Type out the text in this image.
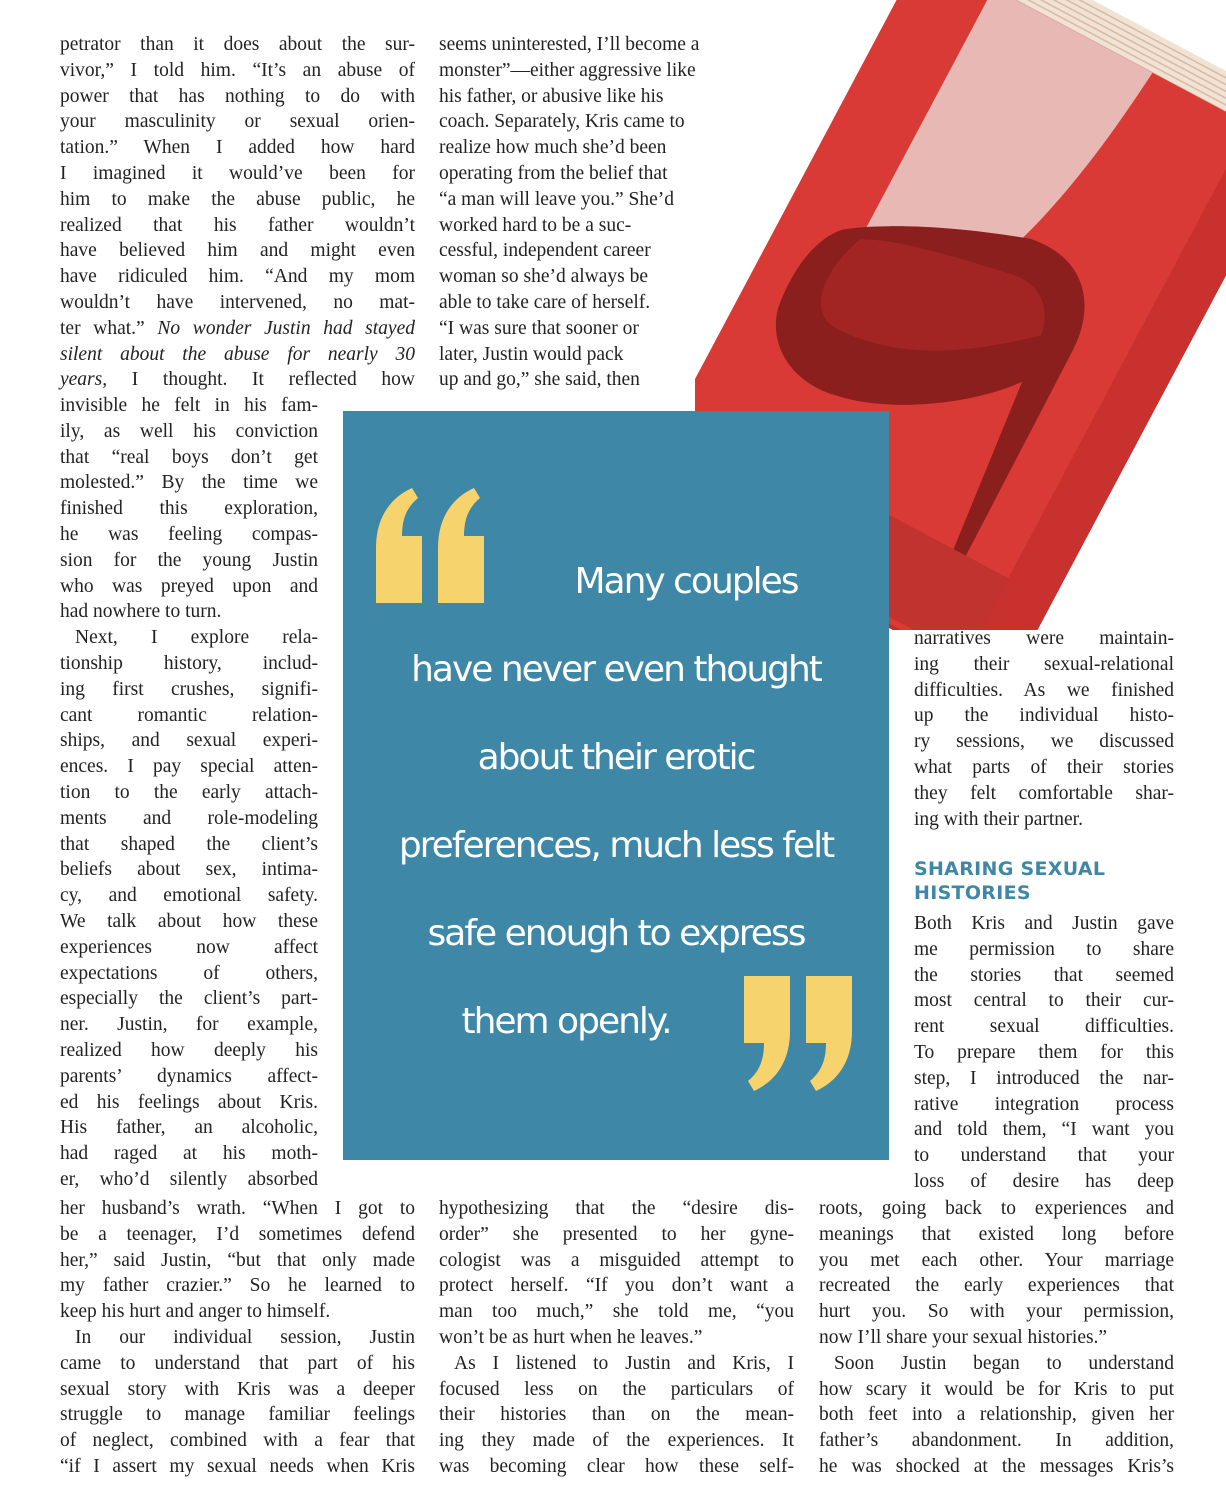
petrator than it does about the sur-
vivor,” I told him. “It’s an abuse of
power that has nothing to do with
your masculinity or sexual orien-
tation.” When I added how hard
I imagined it would’ve been for
him to make the abuse public, he
realized that his father wouldn’t
have believed him and might even
have ridiculed him. “And my mom
wouldn’t have intervened, no mat-
ter what.” No wonder Justin had stayed
silent about the abuse for nearly 30
years, I thought. It reflected how
invisible he felt in his fam-
ily, as well his conviction
that “real boys don’t get
molested.” By the time we
finished this exploration,
he was feeling compas-
sion for the young Justin
who was preyed upon and
had nowhere to turn.
Next, I explore rela-
tionship history, includ-
ing first crushes, signifi-
cant romantic relation-
ships, and sexual experi-
ences. I pay special atten-
tion to the early attach-
ments and role-modeling
that shaped the client’s
beliefs about sex, intima-
cy, and emotional safety.
We talk about how these
experiences now affect
expectations of others,
especially the client’s part-
ner. Justin, for example,
realized how deeply his
parents’ dynamics affect-
ed his feelings about Kris.
His father, an alcoholic,
had raged at his moth-
er, who’d silently absorbed
her husband’s wrath. “When I got to
be a teenager, I’d sometimes defend
her,” said Justin, “but that only made
my father crazier.” So he learned to
keep his hurt and anger to himself.
In our individual session, Justin
came to understand that part of his
sexual story with Kris was a deeper
struggle to manage familiar feelings
of neglect, combined with a fear that
“if I assert my sexual needs when Kris
seems uninterested, I’ll become a
monster”—either aggressive like
his father, or abusive like his
coach. Separately, Kris came to
realize how much she’d been
operating from the belief that
“a man will leave you.” She’d
worked hard to be a suc-
cessful, independent career
woman so she’d always be
able to take care of herself.
“I was sure that sooner or
later, Justin would pack
up and go,” she said, then
hypothesizing that the “desire dis-
order” she presented to her gyne-
cologist was a misguided attempt to
protect herself. “If you don’t want a
man too much,” she told me, “you
won’t be as hurt when he leaves.”
As I listened to Justin and Kris, I
focused less on the particulars of
their histories than on the mean-
ing they made of the experiences. It
was becoming clear how these self-
narratives were maintain-
ing their sexual-relational
difficulties. As we finished
up the individual histo-
ry sessions, we discussed
what parts of their stories
they felt comfortable shar-
ing with their partner.
SHARING SEXUAL
HISTORIES
Both Kris and Justin gave
me permission to share
the stories that seemed
most central to their cur-
rent sexual difficulties.
To prepare them for this
step, I introduced the nar-
rative integration process
and told them, “I want you
to understand that your
loss of desire has deep
roots, going back to experiences and
meanings that existed long before
you met each other. Your marriage
recreated the early experiences that
hurt you. So with your permission,
now I’ll share your sexual histories.”
Soon Justin began to understand
how scary it would be for Kris to put
both feet into a relationship, given her
father’s abandonment. In addition,
he was shocked at the messages Kris’s
Many couples
have never even thought
about their erotic
preferences, much less felt
safe enough to express
them openly.
